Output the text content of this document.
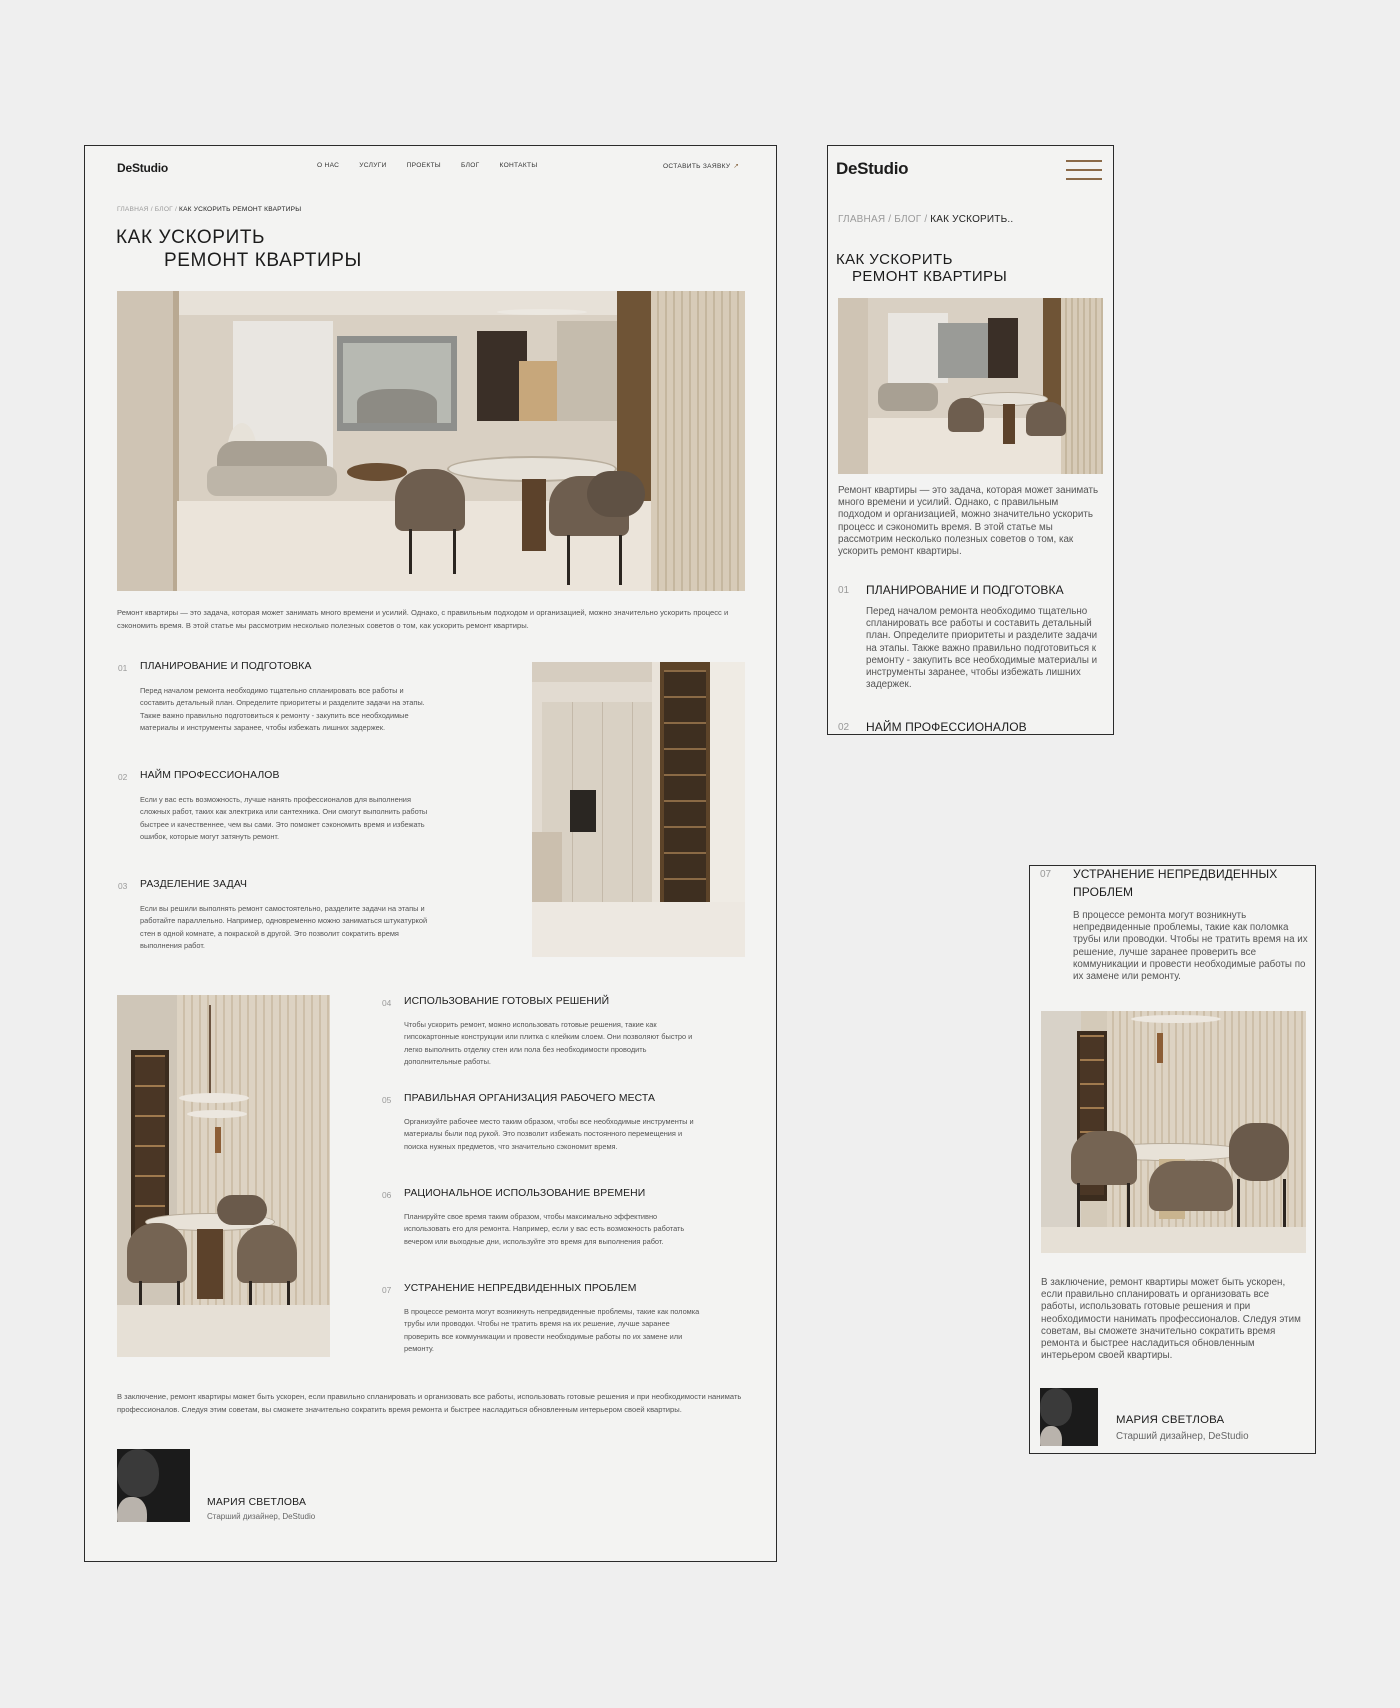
DeStudio	О НАС	УСЛУГИ	ПРОЕКТЫ	БЛОГ	КОНТАКТЫ	ОСТАВИТЬ ЗАЯВКУ ↗
ГЛАВНАЯ / БЛОГ / КАК УСКОРИТЬ РЕМОНТ КВАРТИРЫ
КАК УСКОРИТЬ
РЕМОНТ КВАРТИРЫ
Ремонт квартиры — это задача, которая может занимать много времени и усилий. Однако, с правильным подходом и организацией, можно значительно ускорить процесс и сэкономить время. В этой статье мы рассмотрим несколько полезных советов о том, как ускорить ремонт квартиры.
01 ПЛАНИРОВАНИЕ И ПОДГОТОВКА
Перед началом ремонта необходимо тщательно спланировать все работы и составить детальный план. Определите приоритеты и разделите задачи на этапы. Также важно правильно подготовиться к ремонту - закупить все необходимые материалы и инструменты заранее, чтобы избежать лишних задержек.
02 НАЙМ ПРОФЕССИОНАЛОВ
Если у вас есть возможность, лучше нанять профессионалов для выполнения сложных работ, таких как электрика или сантехника. Они смогут выполнить работы быстрее и качественнее, чем вы сами. Это поможет сэкономить время и избежать ошибок, которые могут затянуть ремонт.
03 РАЗДЕЛЕНИЕ ЗАДАЧ
Если вы решили выполнять ремонт самостоятельно, разделите задачи на этапы и работайте параллельно. Например, одновременно можно заниматься штукатуркой стен в одной комнате, а покраской в другой. Это позволит сократить время выполнения работ.
04 ИСПОЛЬЗОВАНИЕ ГОТОВЫХ РЕШЕНИЙ
Чтобы ускорить ремонт, можно использовать готовые решения, такие как гипсокартонные конструкции или плитка с клейким слоем. Они позволяют быстро и легко выполнить отделку стен или пола без необходимости проводить дополнительные работы.
05 ПРАВИЛЬНАЯ ОРГАНИЗАЦИЯ РАБОЧЕГО МЕСТА
Организуйте рабочее место таким образом, чтобы все необходимые инструменты и материалы были под рукой. Это позволит избежать постоянного перемещения и поиска нужных предметов, что значительно сэкономит время.
06 РАЦИОНАЛЬНОЕ ИСПОЛЬЗОВАНИЕ ВРЕМЕНИ
Планируйте свое время таким образом, чтобы максимально эффективно использовать его для ремонта. Например, если у вас есть возможность работать вечером или выходные дни, используйте это время для выполнения работ.
07 УСТРАНЕНИЕ НЕПРЕДВИДЕННЫХ ПРОБЛЕМ
В процессе ремонта могут возникнуть непредвиденные проблемы, такие как поломка трубы или проводки. Чтобы не тратить время на их решение, лучше заранее проверить все коммуникации и провести необходимые работы по их замене или ремонту.
В заключение, ремонт квартиры может быть ускорен, если правильно спланировать и организовать все работы, использовать готовые решения и при необходимости нанимать профессионалов. Следуя этим советам, вы сможете значительно сократить время ремонта и быстрее насладиться обновленным интерьером своей квартиры.
МАРИЯ СВЕТЛОВА
Старший дизайнер, DeStudio
DeStudio
ГЛАВНАЯ / БЛОГ / КАК УСКОРИТЬ..
КАК УСКОРИТЬ
РЕМОНТ КВАРТИРЫ
Ремонт квартиры — это задача, которая может занимать много времени и усилий. Однако, с правильным подходом и организацией, можно значительно ускорить процесс и сэкономить время. В этой статье мы рассмотрим несколько полезных советов о том, как ускорить ремонт квартиры.
01 ПЛАНИРОВАНИЕ И ПОДГОТОВКА
Перед началом ремонта необходимо тщательно спланировать все работы и составить детальный план. Определите приоритеты и разделите задачи на этапы. Также важно правильно подготовиться к ремонту - закупить все необходимые материалы и инструменты заранее, чтобы избежать лишних задержек.
02 НАЙМ ПРОФЕССИОНАЛОВ
07 УСТРАНЕНИЕ НЕПРЕДВИДЕННЫХ
ПРОБЛЕМ
В процессе ремонта могут возникнуть непредвиденные проблемы, такие как поломка трубы или проводки. Чтобы не тратить время на их решение, лучше заранее проверить все коммуникации и провести необходимые работы по их замене или ремонту.
В заключение, ремонт квартиры может быть ускорен, если правильно спланировать и организовать все работы, использовать готовые решения и при необходимости нанимать профессионалов. Следуя этим советам, вы сможете значительно сократить время ремонта и быстрее насладиться обновленным интерьером своей квартиры.
МАРИЯ СВЕТЛОВА
Старший дизайнер, DeStudio
